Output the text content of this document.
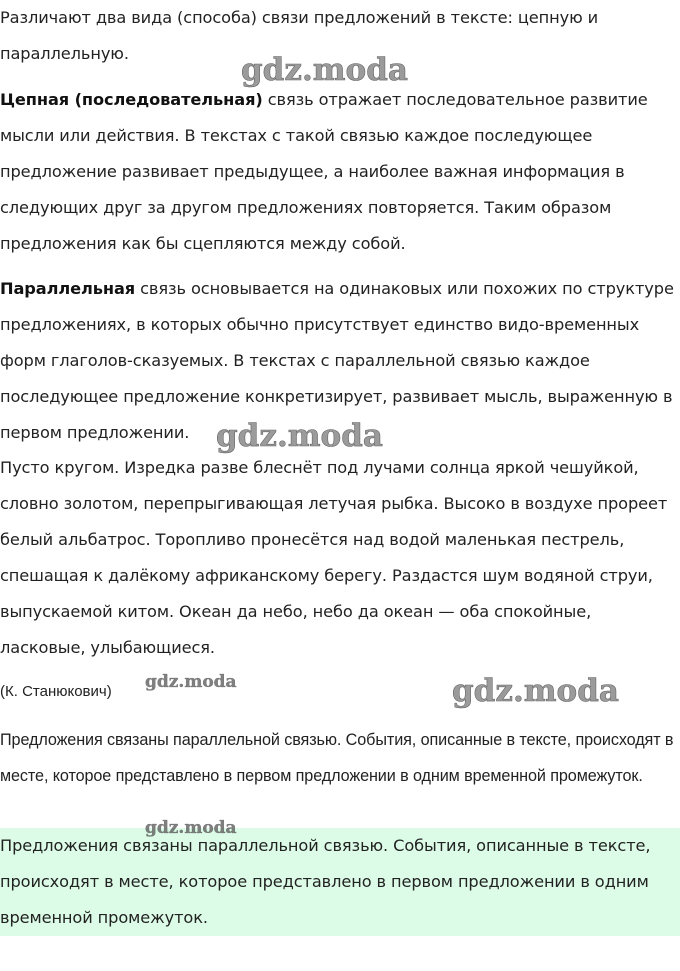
Различают два вида (способа) связи предложений в тексте: цепную и параллельную.

Цепная (последовательная) связь отражает последовательное развитие мысли или действия. В текстах с такой связью каждое последующее предложение развивает предыдущее, а наиболее важная информация в следующих друг за другом предложениях повторяется. Таким образом предложения как бы сцепляются между собой.

Параллельная связь основывается на одинаковых или похожих по структуре предложениях, в которых обычно присутствует единство видо-временных форм глаголов-сказуемых. В текстах с параллельной связью каждое последующее предложение конкретизирует, развивает мысль, выраженную в первом предложении.

Пусто кругом. Изредка разве блеснёт под лучами солнца яркой чешуйкой, словно золотом, перепрыгивающая летучая рыбка. Высоко в воздухе прореет белый альбатрос. Торопливо пронесётся над водой маленькая пестрель, спешащая к далёкому африканскому берегу. Раздастся шум водяной струи, выпускаемой китом. Океан да небо, небо да океан — оба спокойные, ласковые, улыбающиеся.

(К. Станюкович)

Предложения связаны параллельной связью. События, описанные в тексте, происходят в месте, которое представлено в первом предложении в одним временной промежуток.

Предложения связаны параллельной связью. События, описанные в тексте, происходят в месте, которое представлено в первом предложении в одним временной промежуток.

gdz.moda
gdz.moda
gdz.moda
gdz.moda
gdz.moda
